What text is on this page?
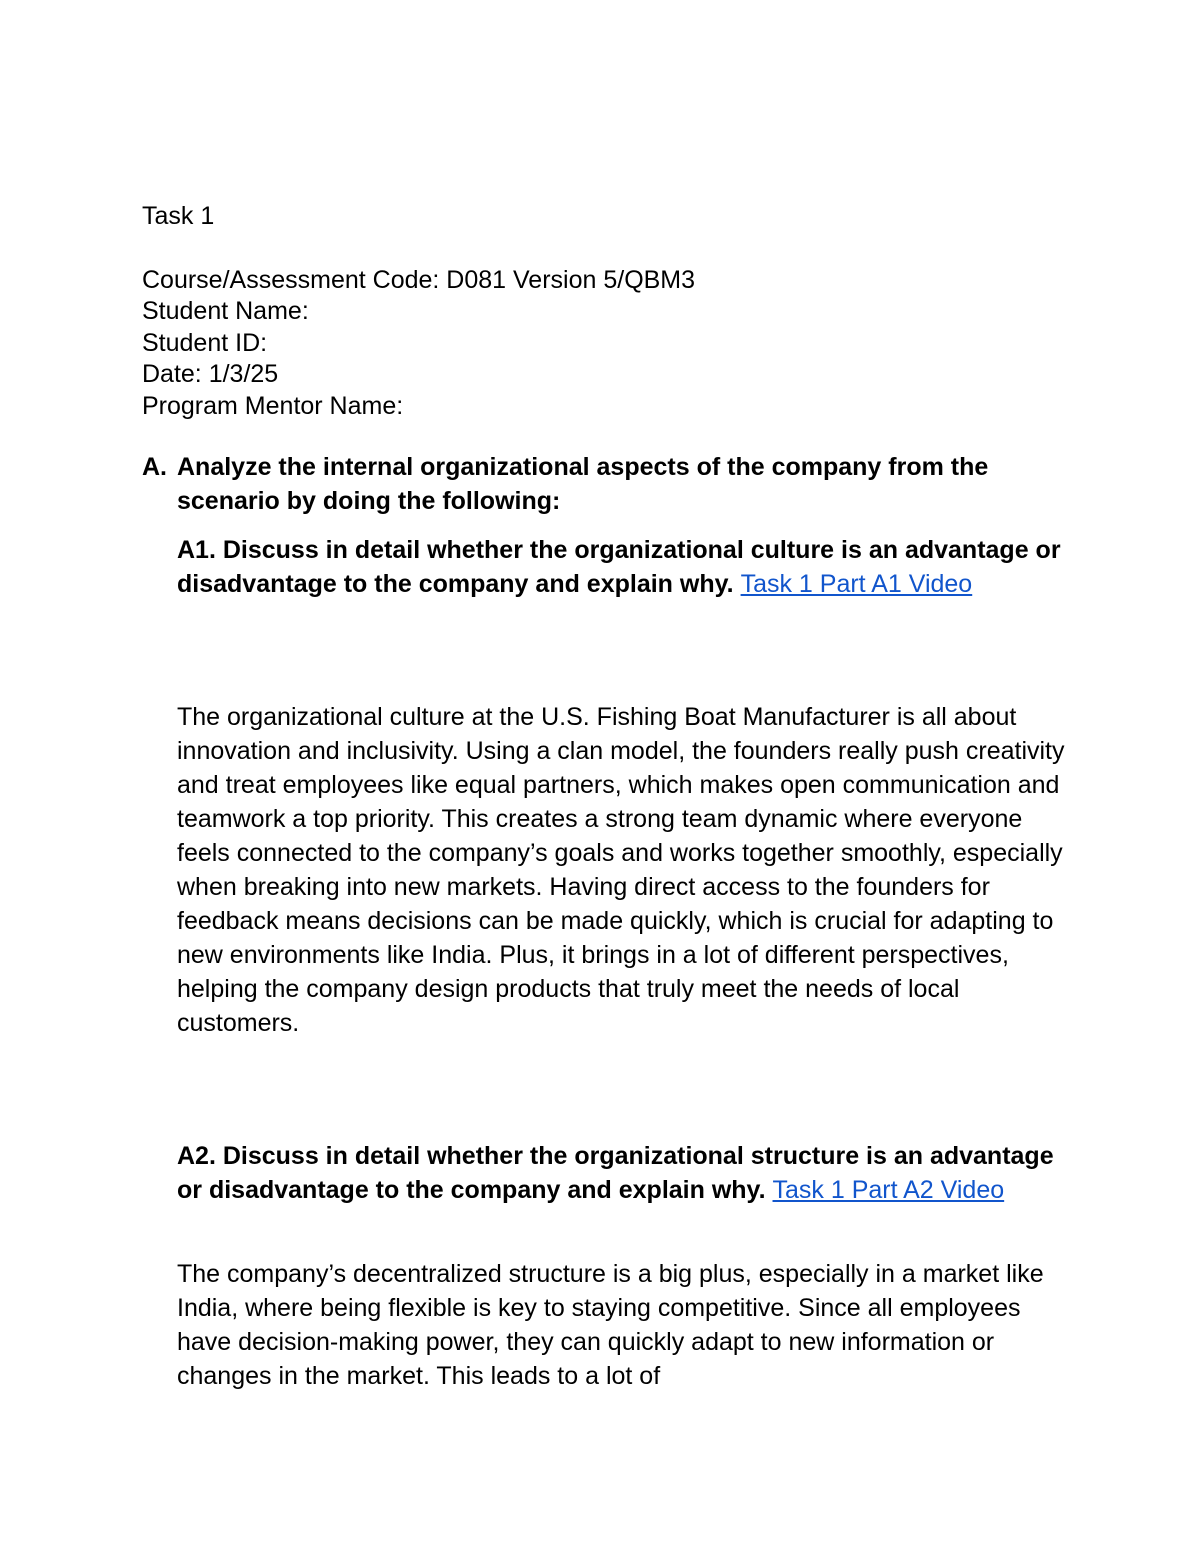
Task 1
Course/Assessment Code: D081 Version 5/QBM3
Student Name:
Student ID:
Date: 1/3/25
Program Mentor Name:
A. Analyze the internal organizational aspects of the company from the scenario by doing the following:
A1. Discuss in detail whether the organizational culture is an advantage or disadvantage to the company and explain why. Task 1 Part A1 Video
The organizational culture at the U.S. Fishing Boat Manufacturer is all about innovation and inclusivity. Using a clan model, the founders really push creativity and treat employees like equal partners, which makes open communication and teamwork a top priority. This creates a strong team dynamic where everyone feels connected to the company’s goals and works together smoothly, especially when breaking into new markets. Having direct access to the founders for feedback means decisions can be made quickly, which is crucial for adapting to new environments like India. Plus, it brings in a lot of different perspectives, helping the company design products that truly meet the needs of local customers.
A2. Discuss in detail whether the organizational structure is an advantage or disadvantage to the company and explain why. Task 1 Part A2 Video
The company’s decentralized structure is a big plus, especially in a market like India, where being flexible is key to staying competitive. Since all employees have decision-making power, they can quickly adapt to new information or changes in the market. This leads to a lot of
